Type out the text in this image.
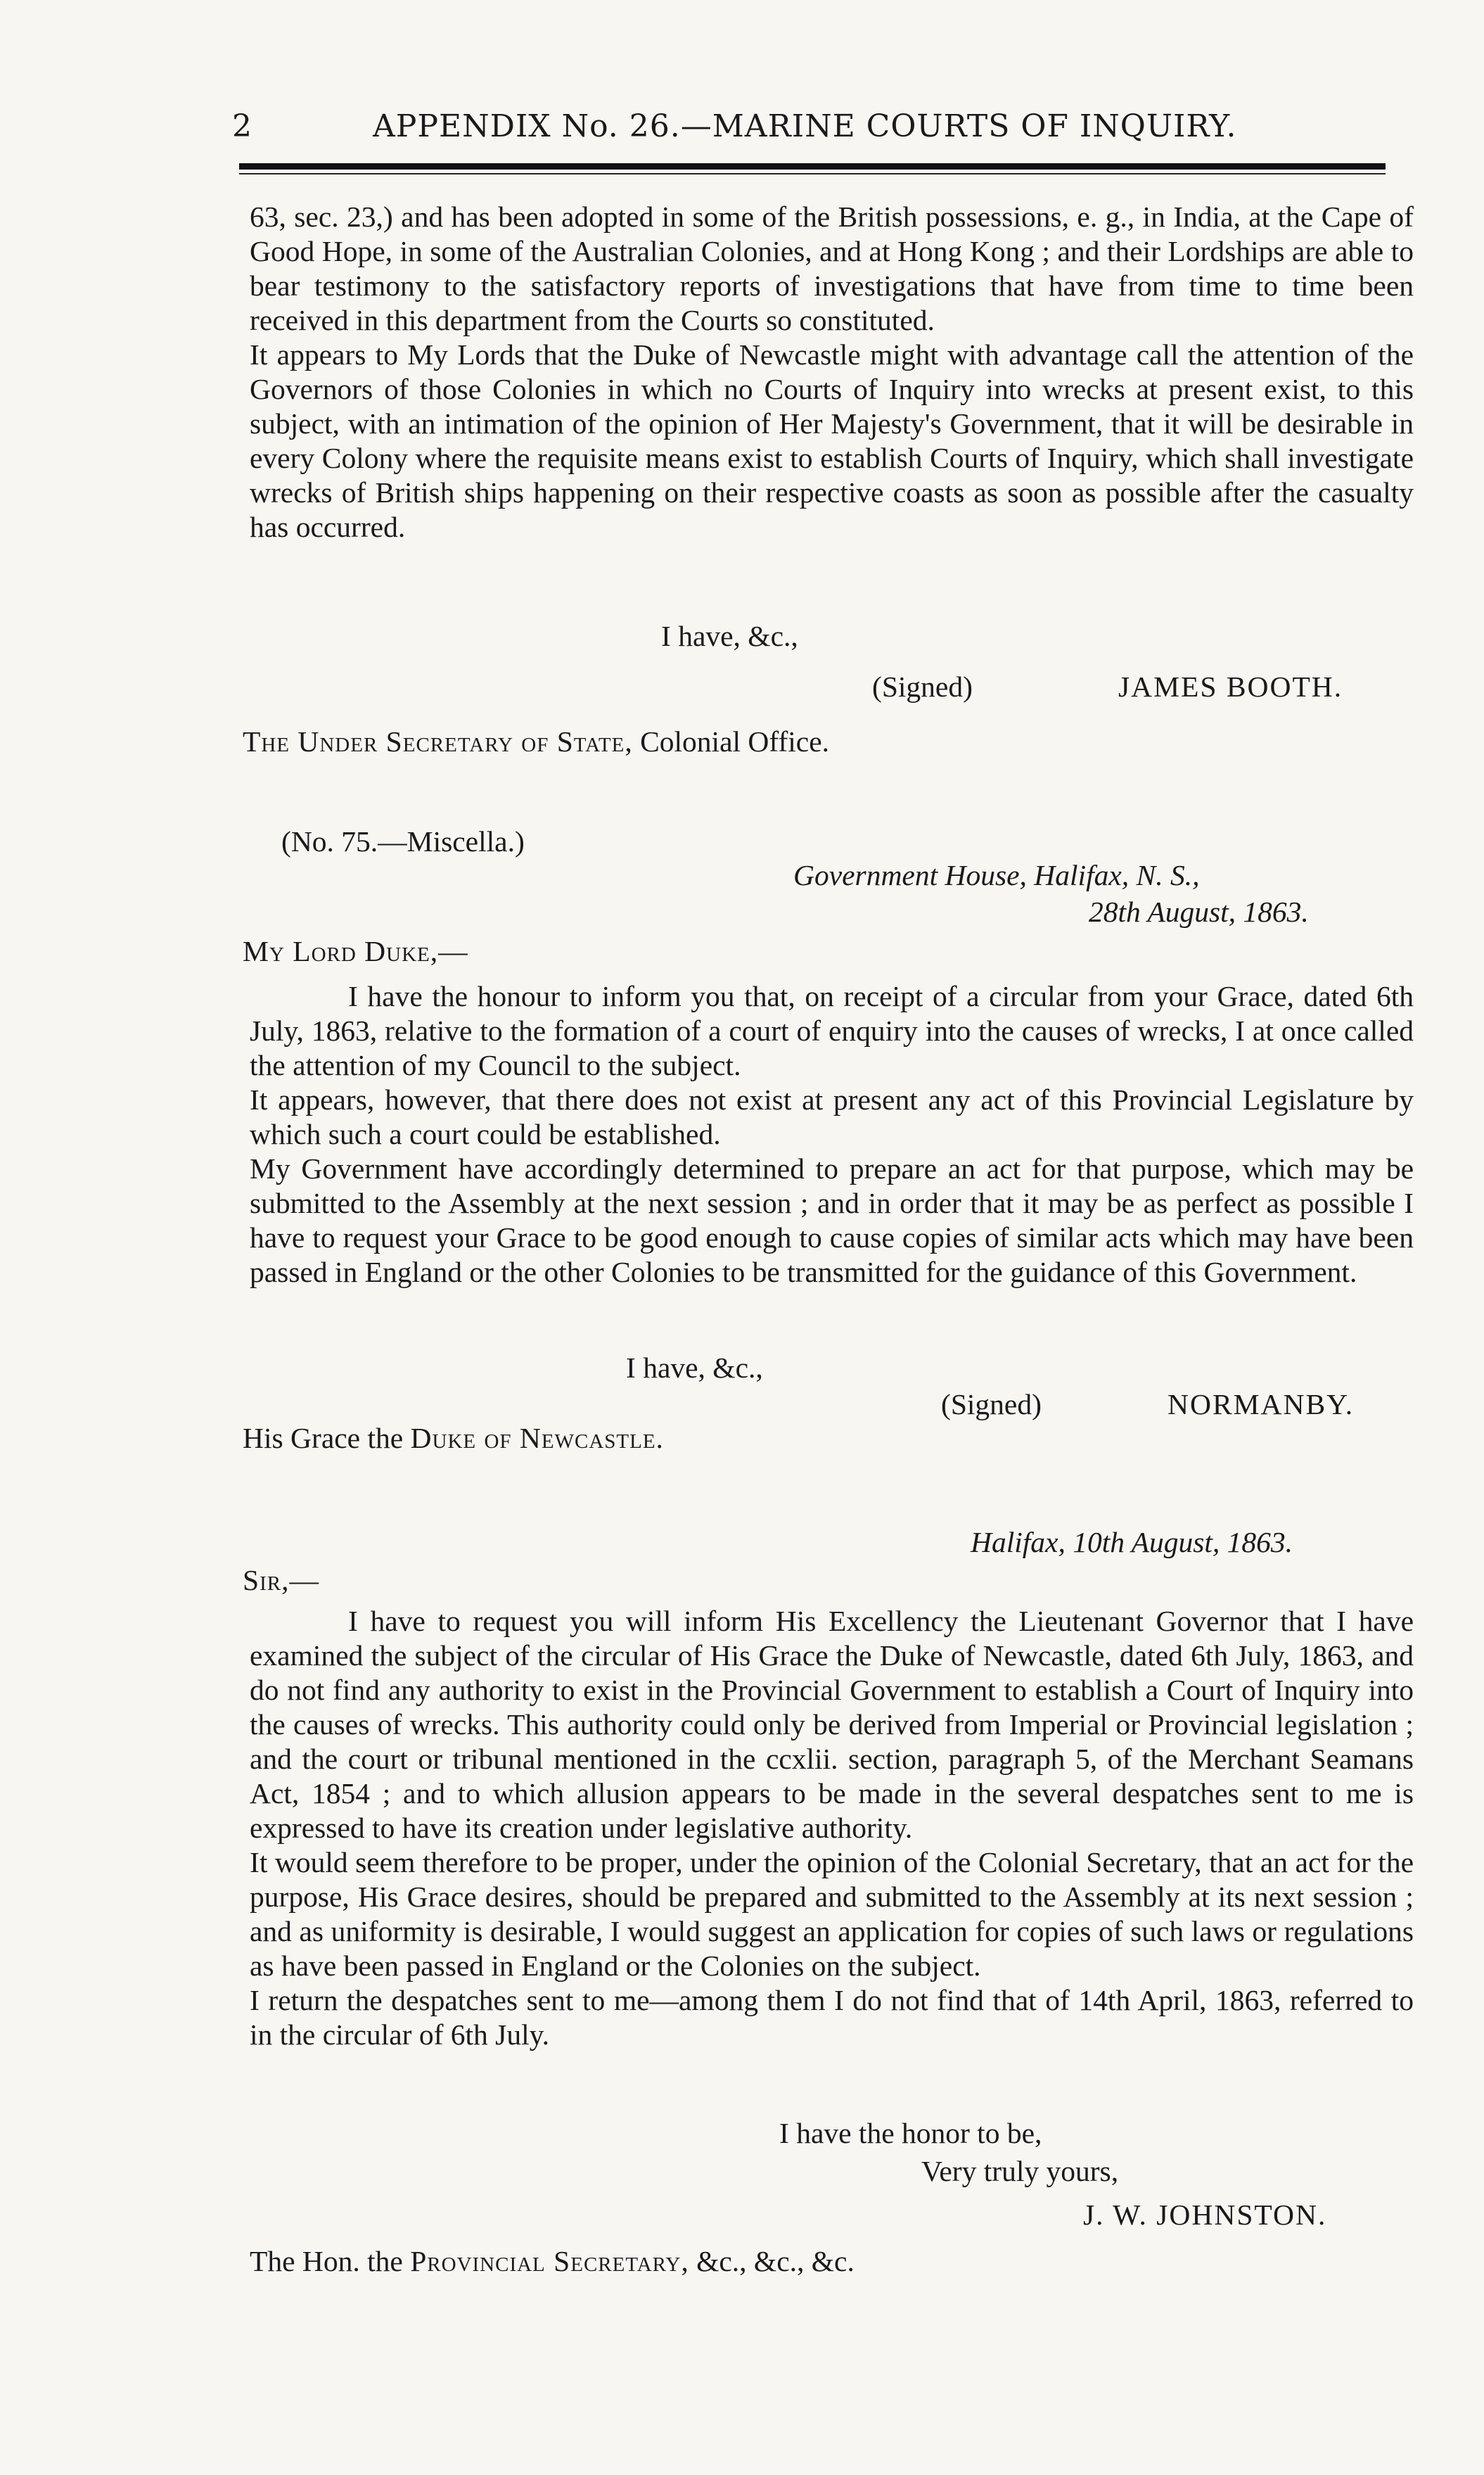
2	APPENDIX No. 26.—MARINE COURTS OF INQUIRY.

63, sec. 23,) and has been adopted in some of the British possessions, e. g., in India, at the Cape of Good Hope, in some of the Australian Colonies, and at Hong Kong ; and their Lordships are able to bear testimony to the satisfactory reports of investigations that have from time to time been received in this department from the Courts so constituted.

It appears to My Lords that the Duke of Newcastle might with advantage call the attention of the Governors of those Colonies in which no Courts of Inquiry into wrecks at present exist, to this subject, with an intimation of the opinion of Her Majesty's Government, that it will be desirable in every Colony where the requisite means exist to establish Courts of Inquiry, which shall investigate wrecks of British ships happening on their respective coasts as soon as possible after the casualty has occurred.

I have, &c.,
(Signed)	JAMES BOOTH.
The Under Secretary of State, Colonial Office.
(No. 75.—Miscella.)
Government House, Halifax, N. S.,
28th August, 1863.
My Lord Duke,—

I have the honour to inform you that, on receipt of a circular from your Grace, dated 6th July, 1863, relative to the formation of a court of enquiry into the causes of wrecks, I at once called the attention of my Council to the subject.

It appears, however, that there does not exist at present any act of this Provincial Legislature by which such a court could be established.

My Government have accordingly determined to prepare an act for that purpose, which may be submitted to the Assembly at the next session ; and in order that it may be as perfect as possible I have to request your Grace to be good enough to cause copies of similar acts which may have been passed in England or the other Colonies to be transmitted for the guidance of this Government.

I have, &c.,
(Signed)	NORMANBY.
His Grace the Duke of Newcastle.
Halifax, 10th August, 1863.
Sir,—

I have to request you will inform His Excellency the Lieutenant Governor that I have examined the subject of the circular of His Grace the Duke of Newcastle, dated 6th July, 1863, and do not find any authority to exist in the Provincial Government to establish a Court of Inquiry into the causes of wrecks. This authority could only be derived from Imperial or Provincial legislation ; and the court or tribunal mentioned in the ccxlii. section, paragraph 5, of the Merchant Seamans Act, 1854 ; and to which allusion appears to be made in the several despatches sent to me is expressed to have its creation under legislative authority.

It would seem therefore to be proper, under the opinion of the Colonial Secretary, that an act for the purpose, His Grace desires, should be prepared and submitted to the Assembly at its next session ; and as uniformity is desirable, I would suggest an application for copies of such laws or regulations as have been passed in England or the Colonies on the subject.

I return the despatches sent to me—among them I do not find that of 14th April, 1863, referred to in the circular of 6th July.

I have the honor to be,
Very truly yours,
J. W. JOHNSTON.
The Hon. the Provincial Secretary, &c., &c., &c.
